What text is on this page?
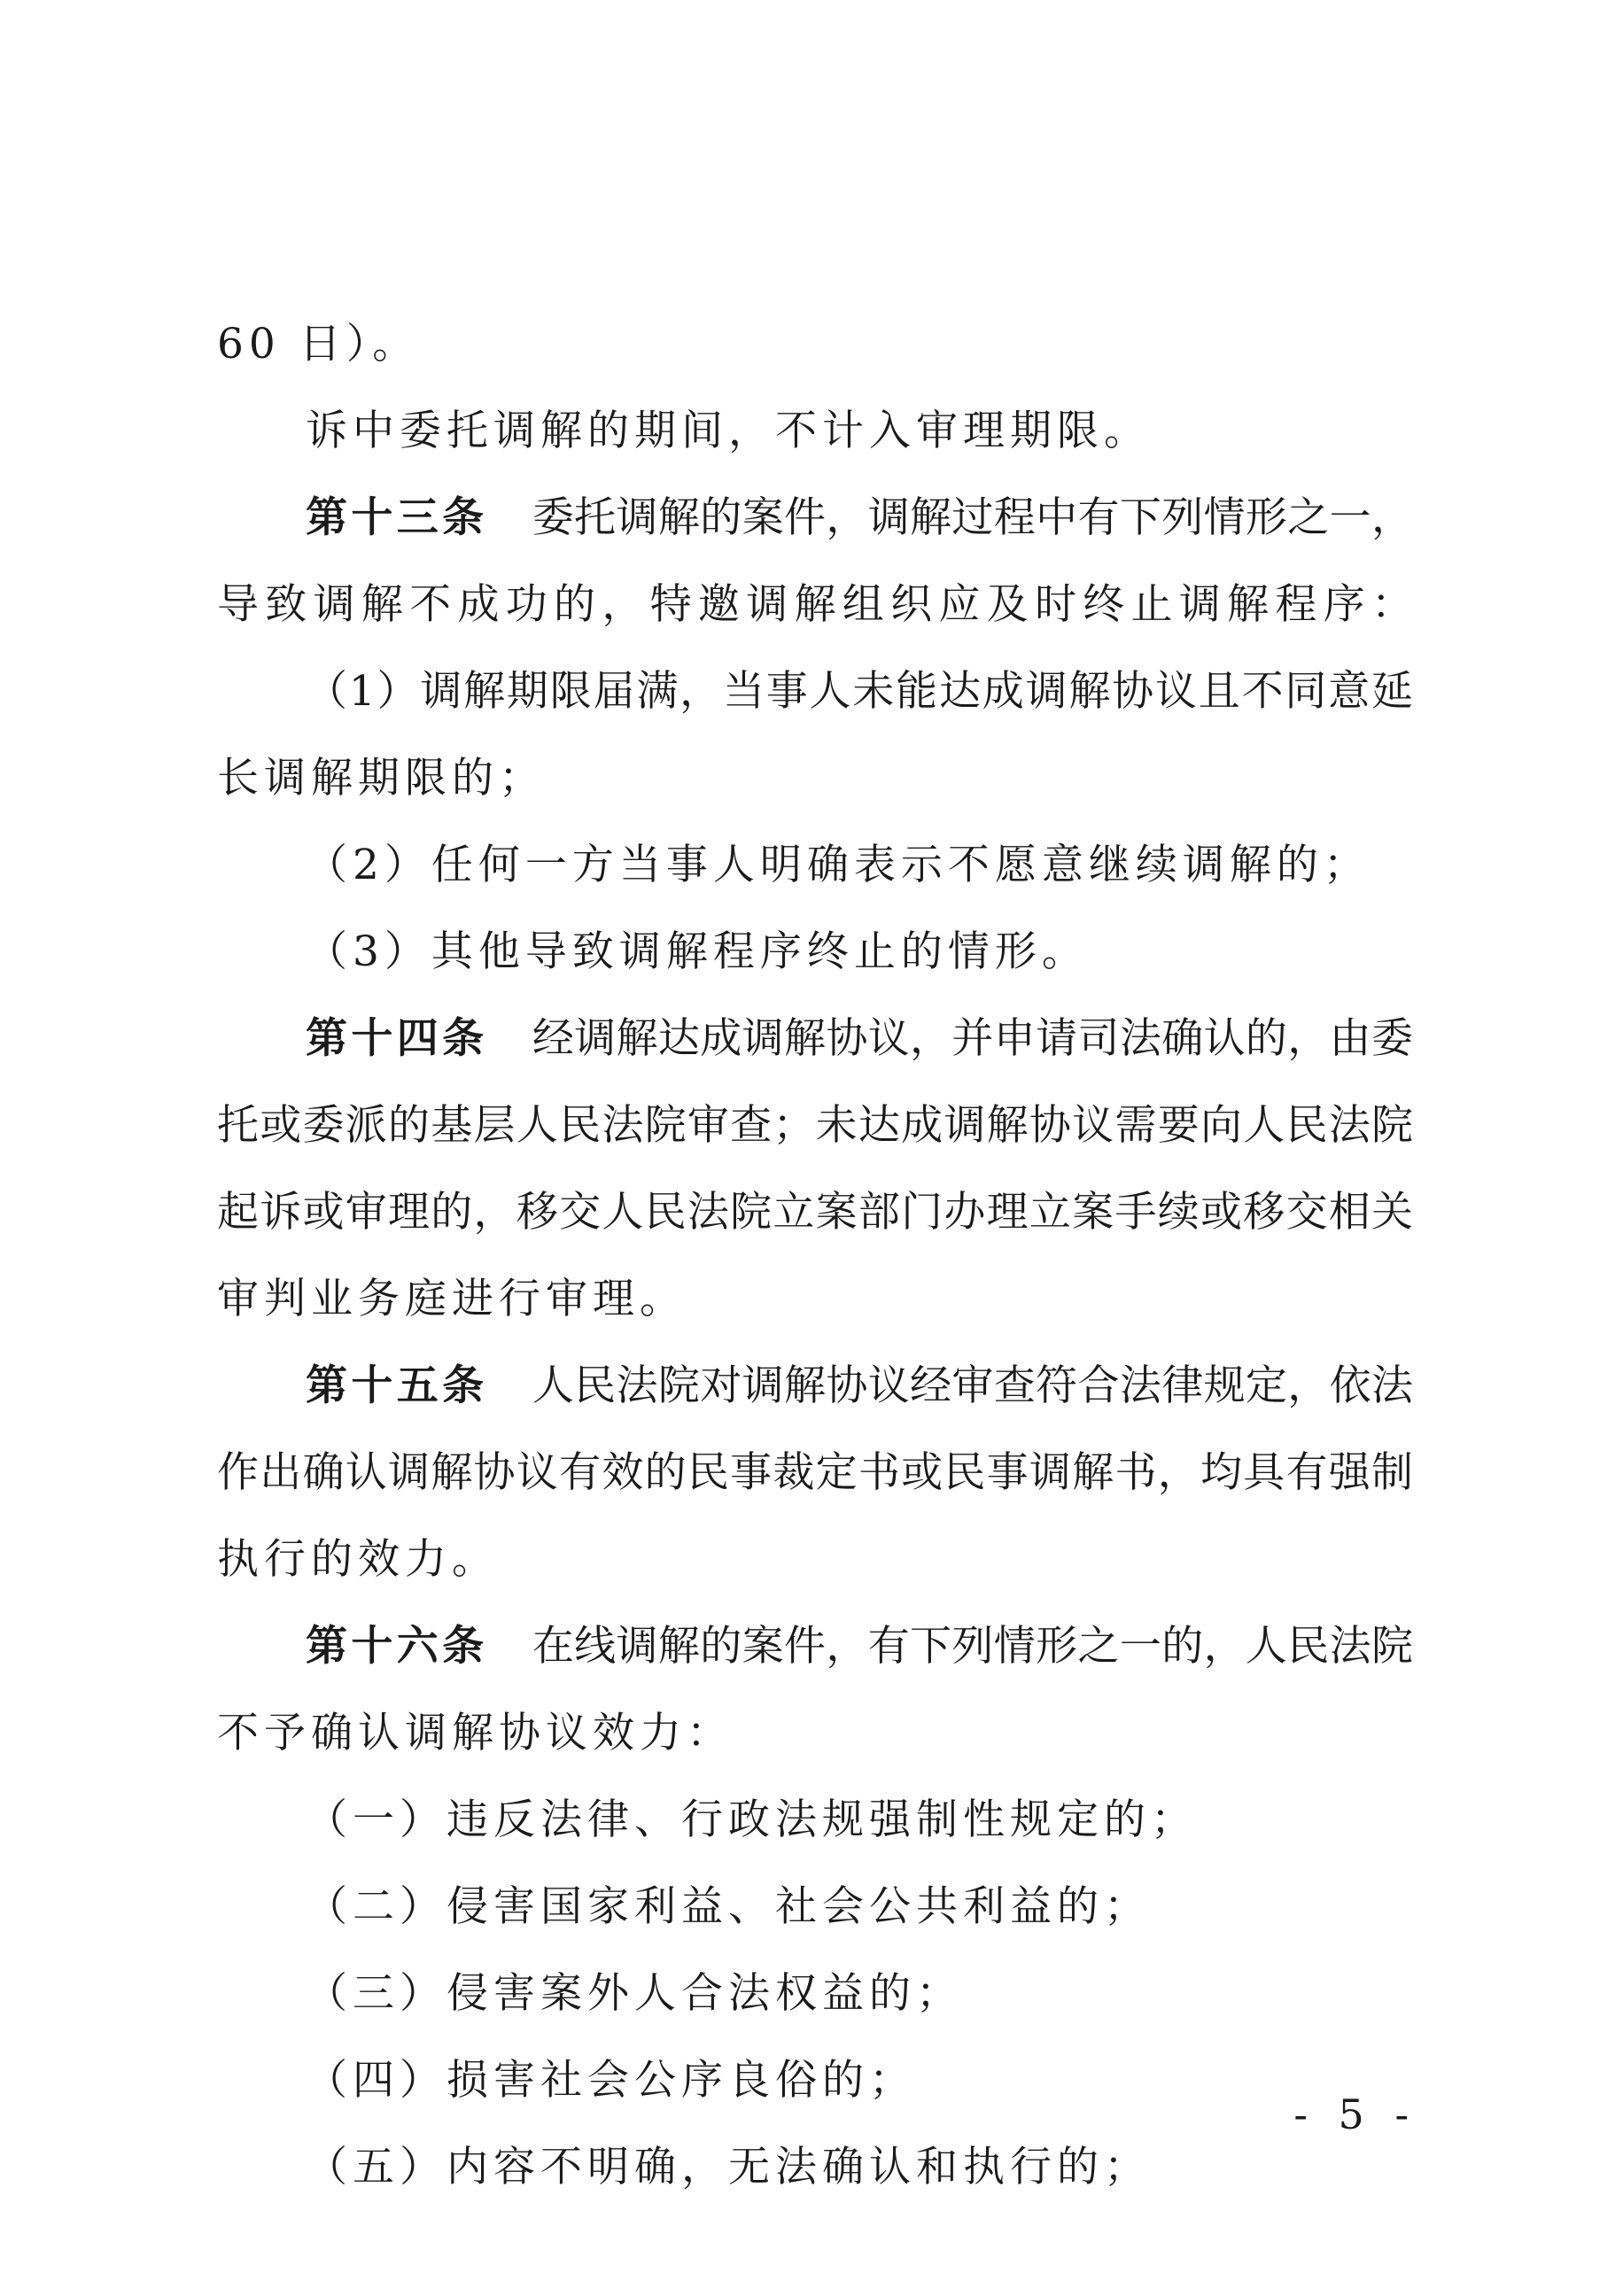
60 日）。
诉中委托调解的期间，不计入审理期限。
第十三条 委托调解的案件，调解过程中有下列情形之一，
导致调解不成功的，特邀调解组织应及时终止调解程序：
（1）调解期限届满，当事人未能达成调解协议且不同意延
长调解期限的；
（2）任何一方当事人明确表示不愿意继续调解的；
（3）其他导致调解程序终止的情形。
第十四条 经调解达成调解协议，并申请司法确认的，由委
托或委派的基层人民法院审查；未达成调解协议需要向人民法院
起诉或审理的，移交人民法院立案部门办理立案手续或移交相关
审判业务庭进行审理。
第十五条 人民法院对调解协议经审查符合法律规定，依法
作出确认调解协议有效的民事裁定书或民事调解书，均具有强制
执行的效力。
第十六条 在线调解的案件，有下列情形之一的，人民法院
不予确认调解协议效力：
（一）违反法律、行政法规强制性规定的；
（二）侵害国家利益、社会公共利益的；
（三）侵害案外人合法权益的；
（四）损害社会公序良俗的；
（五）内容不明确，无法确认和执行的；
- 5 -
